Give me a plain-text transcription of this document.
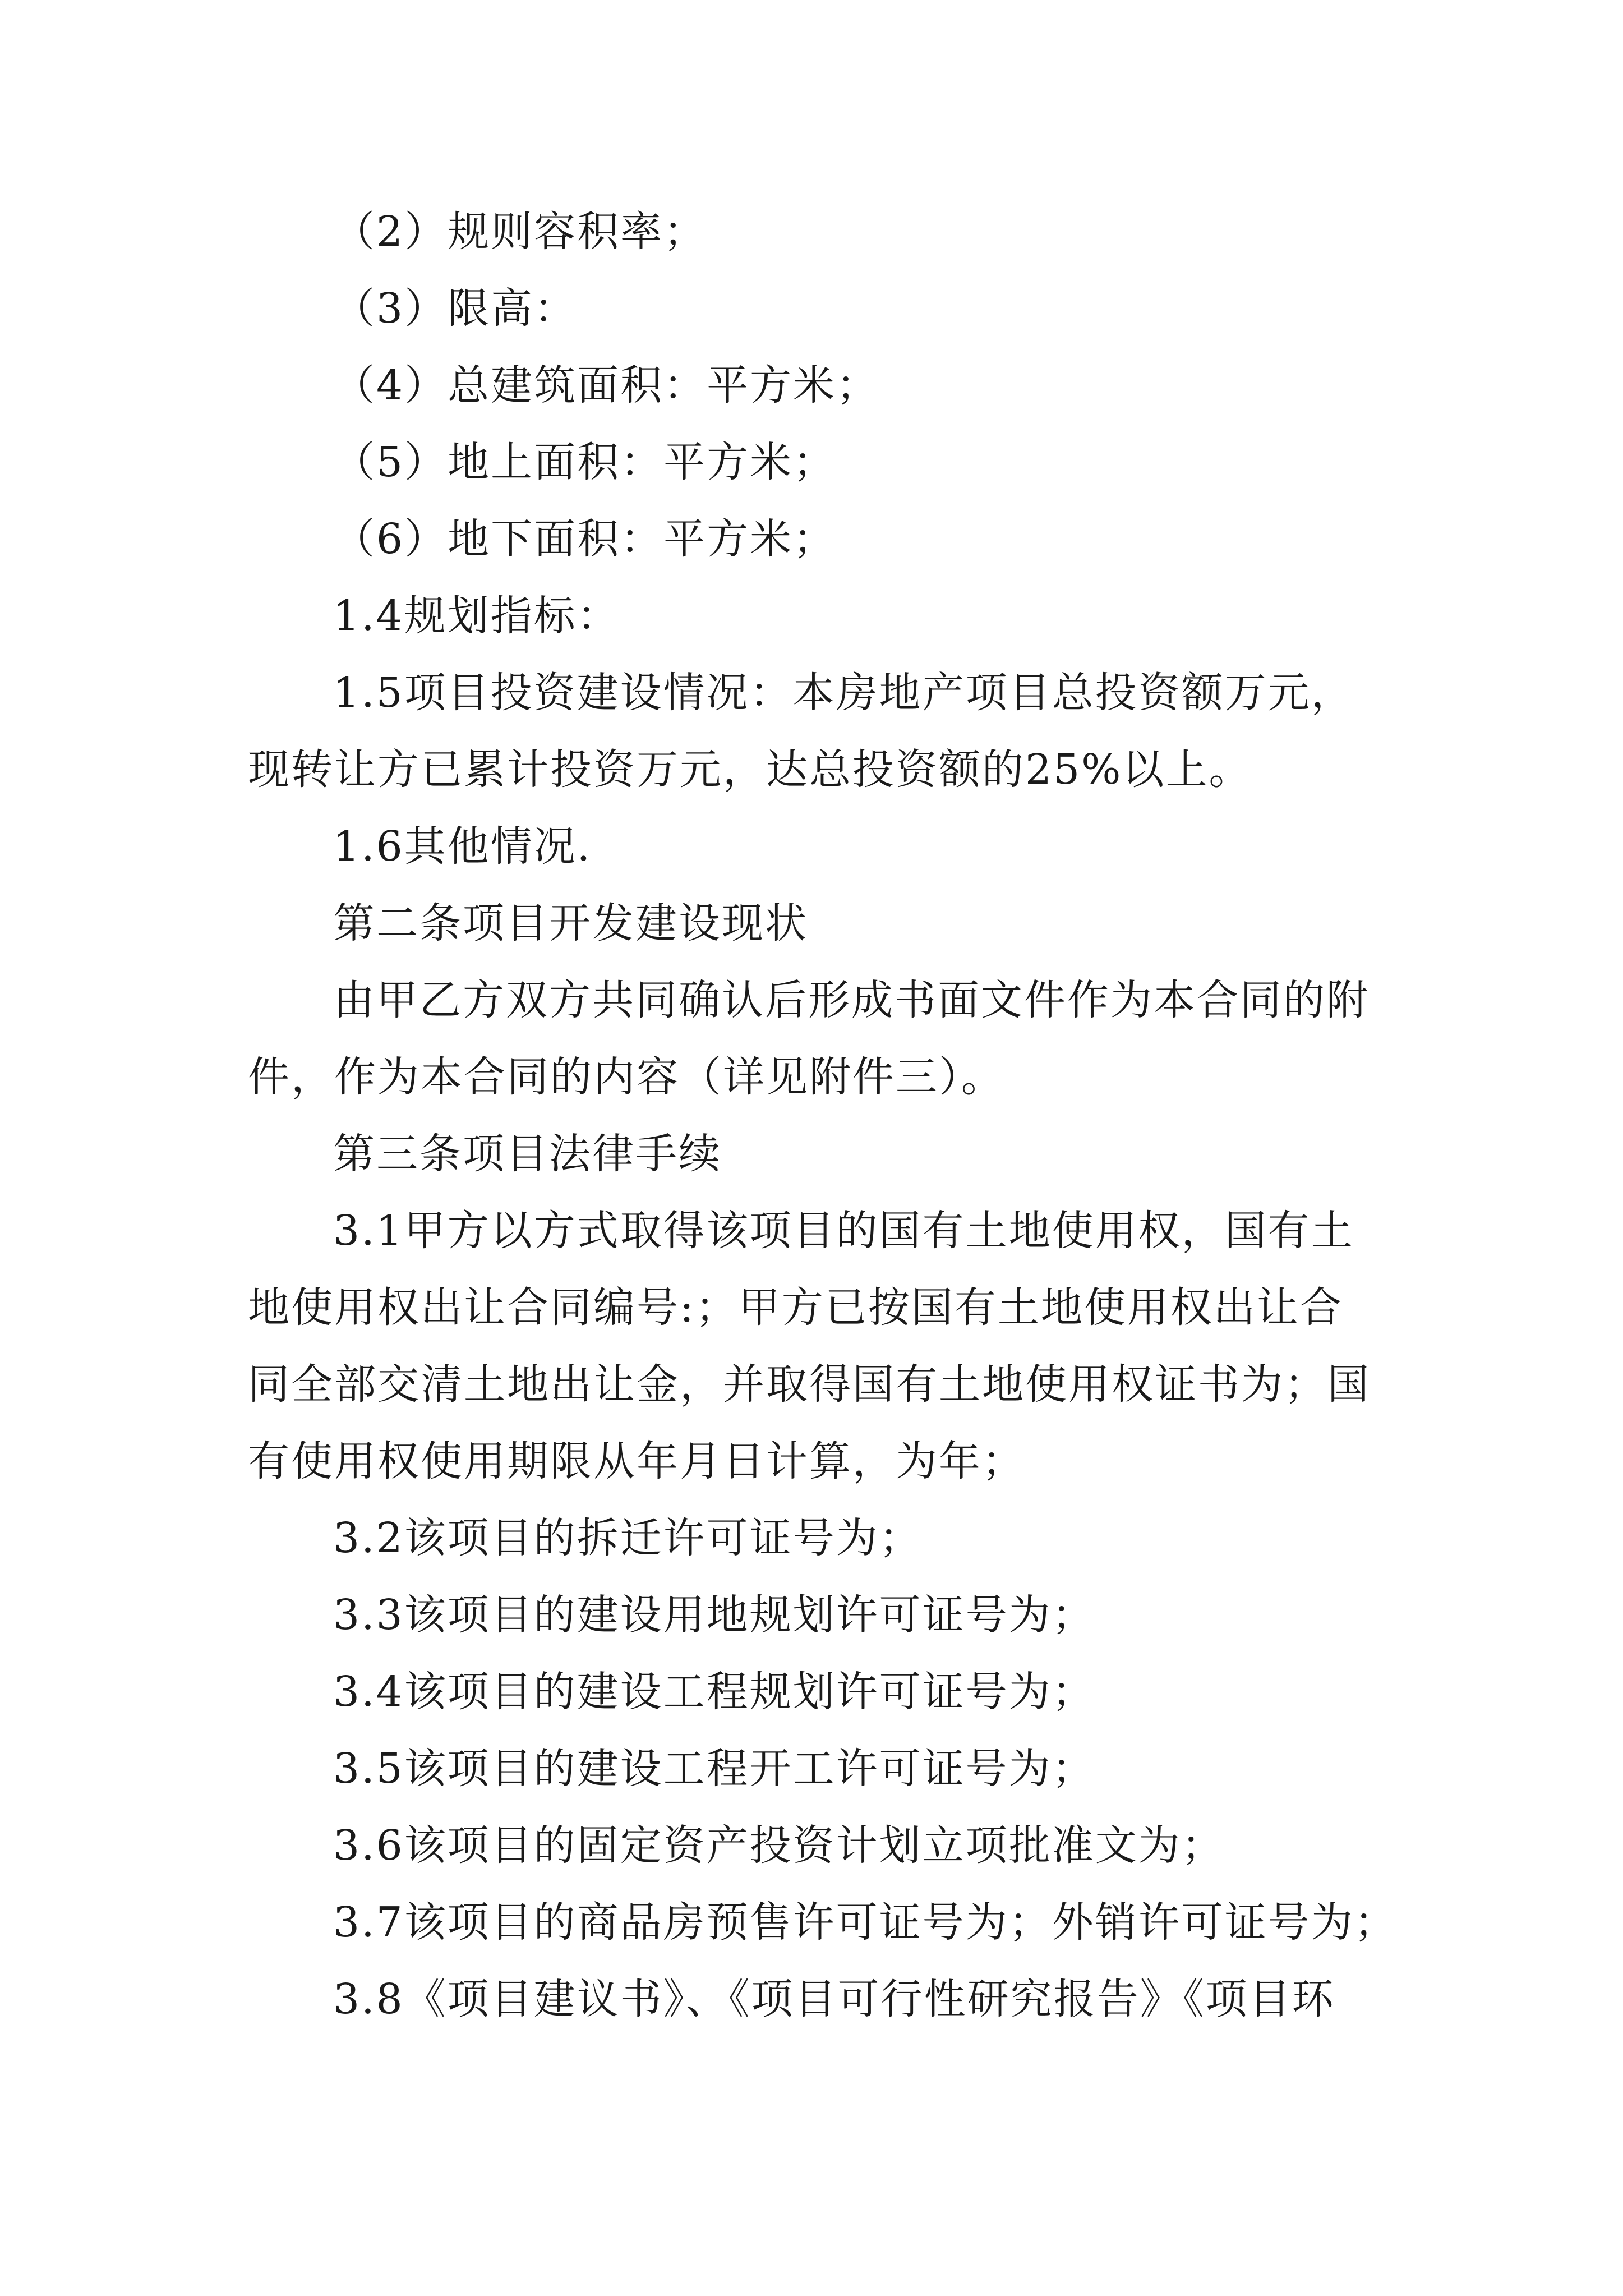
（2）规则容积率；

（3）限高：

（4）总建筑面积：平方米；

（5）地上面积：平方米；

（6）地下面积：平方米；

1.4规划指标：

1.5项目投资建设情况：本房地产项目总投资额万元，现转让方已累计投资万元，达总投资额的25%以上。

1.6其他情况.

第二条项目开发建设现状

由甲乙方双方共同确认后形成书面文件作为本合同的附件，作为本合同的内容（详见附件三）。

第三条项目法律手续

3.1甲方以方式取得该项目的国有土地使用权，国有土地使用权出让合同编号:；甲方已按国有土地使用权出让合同全部交清土地出让金，并取得国有土地使用权证书为；国有使用权使用期限从年月日计算，为年；

3.2该项目的拆迁许可证号为；

3.3该项目的建设用地规划许可证号为；

3.4该项目的建设工程规划许可证号为；

3.5该项目的建设工程开工许可证号为；

3.6该项目的固定资产投资计划立项批准文为；

3.7该项目的商品房预售许可证号为；外销许可证号为；

3.8《项目建议书》、《项目可行性研究报告》《项目环
